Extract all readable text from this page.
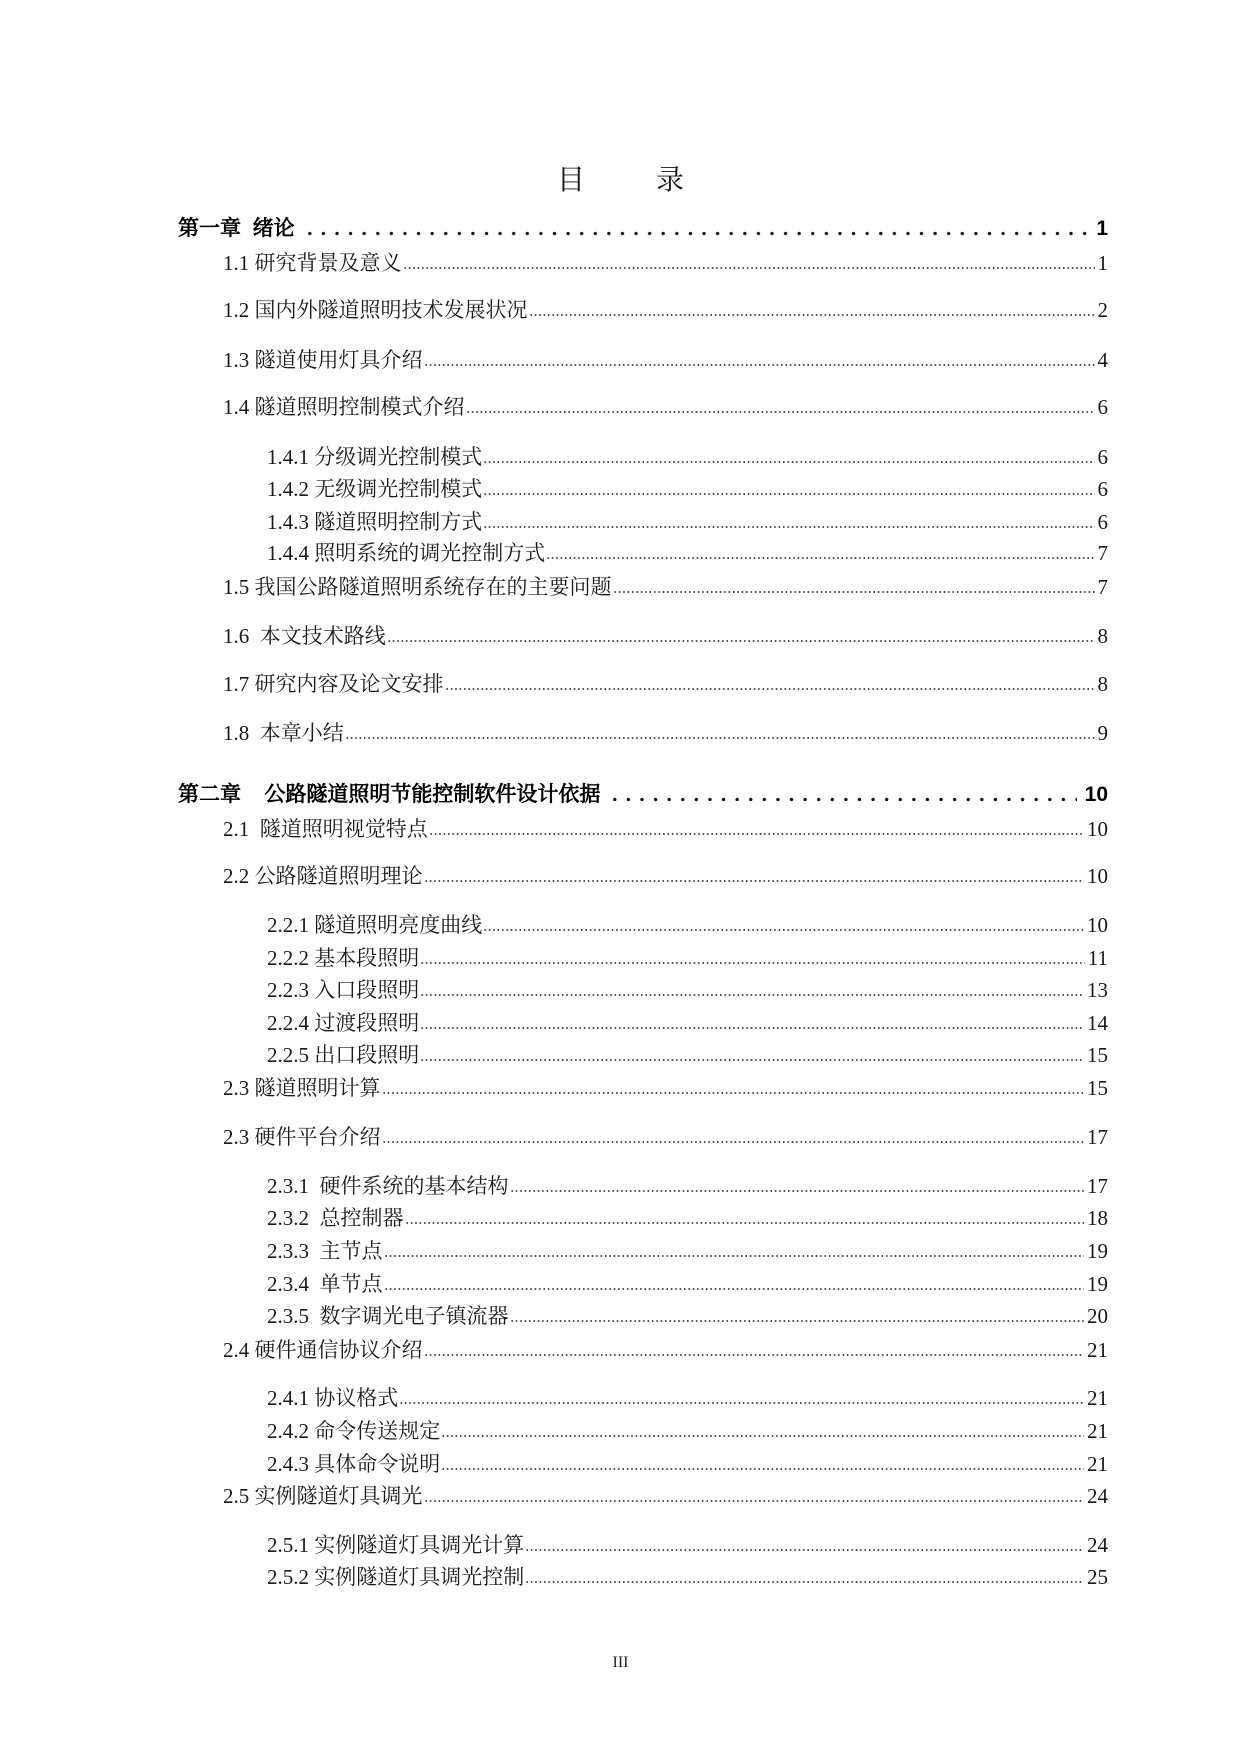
目 录
第一章  绪论	1
1.1 研究背景及意义	1
1.2 国内外隧道照明技术发展状况	2
1.3 隧道使用灯具介绍	4
1.4 隧道照明控制模式介绍	6
1.4.1 分级调光控制模式	6
1.4.2 无级调光控制模式	6
1.4.3 隧道照明控制方式	6
1.4.4 照明系统的调光控制方式	7
1.5 我国公路隧道照明系统存在的主要问题	7
1.6  本文技术路线	8
1.7 研究内容及论文安排	8
1.8  本章小结	9
第二章    公路隧道照明节能控制软件设计依据	10
2.1  隧道照明视觉特点	10
2.2 公路隧道照明理论	10
2.2.1 隧道照明亮度曲线	10
2.2.2 基本段照明	11
2.2.3 入口段照明	13
2.2.4 过渡段照明	14
2.2.5 出口段照明	15
2.3 隧道照明计算	15
2.3 硬件平台介绍	17
2.3.1  硬件系统的基本结构	17
2.3.2  总控制器	18
2.3.3  主节点	19
2.3.4  单节点	19
2.3.5  数字调光电子镇流器	20
2.4 硬件通信协议介绍	21
2.4.1 协议格式	21
2.4.2 命令传送规定	21
2.4.3 具体命令说明	21
2.5 实例隧道灯具调光	24
2.5.1 实例隧道灯具调光计算	24
2.5.2 实例隧道灯具调光控制	25
III
